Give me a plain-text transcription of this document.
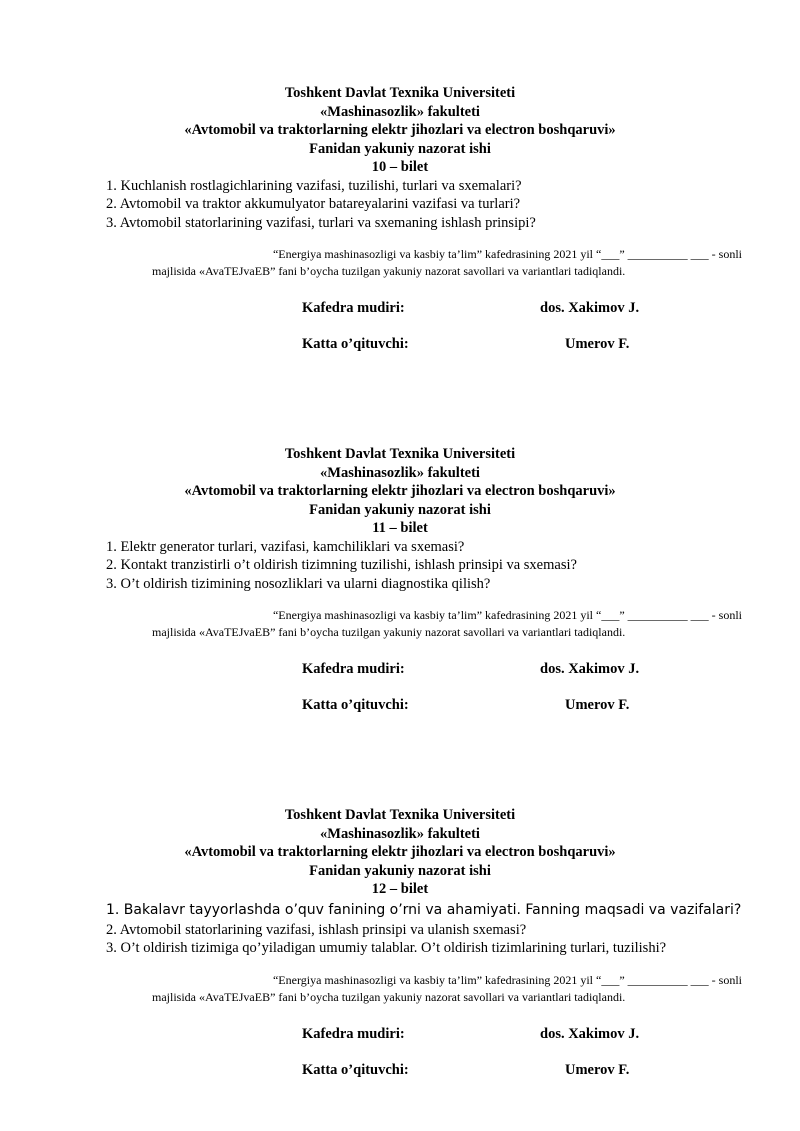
Toshkent Davlat Texnika Universiteti
«Mashinasozlik» fakulteti
«Avtomobil va traktorlarning elektr jihozlari va electron boshqaruvi»
Fanidan yakuniy nazorat ishi
10 – bilet
1. Kuchlanish rostlagichlarining vazifasi, tuzilishi, turlari va sxemalari?
2. Avtomobil va traktor akkumulyator batareyalarini vazifasi va turlari?
3. Avtomobil statorlarining vazifasi, turlari va sxemaning ishlash prinsipi?
“Energiya mashinasozligi va kasbiy ta’lim” kafedrasining 2021 yil “___” __________ ___ - sonli
majlisida «AvaTEJvaEB” fani b’oycha tuzilgan yakuniy nazorat savollari va variantlari tadiqlandi.
Kafedra mudiri:	dos. Xakimov J.
Katta o’qituvchi:	Umerov F.
Toshkent Davlat Texnika Universiteti
«Mashinasozlik» fakulteti
«Avtomobil va traktorlarning elektr jihozlari va electron boshqaruvi»
Fanidan yakuniy nazorat ishi
11 – bilet
1. Elektr generator turlari, vazifasi, kamchiliklari va sxemasi?
2. Kontakt tranzistirli o’t oldirish tizimning tuzilishi, ishlash prinsipi va sxemasi?
3. O’t oldirish tizimining nosozliklari va ularni diagnostika qilish?
“Energiya mashinasozligi va kasbiy ta’lim” kafedrasining 2021 yil “___” __________ ___ - sonli
majlisida «AvaTEJvaEB” fani b’oycha tuzilgan yakuniy nazorat savollari va variantlari tadiqlandi.
Kafedra mudiri:	dos. Xakimov J.
Katta o’qituvchi:	Umerov F.
Toshkent Davlat Texnika Universiteti
«Mashinasozlik» fakulteti
«Avtomobil va traktorlarning elektr jihozlari va electron boshqaruvi»
Fanidan yakuniy nazorat ishi
12 – bilet
1. Bakalavr tayyorlashda o’quv fanining o’rni va ahamiyati. Fanning maqsadi va vazifalari?
2. Avtomobil statorlarining vazifasi, ishlash prinsipi va ulanish sxemasi?
3. O’t oldirish tizimiga qo’yiladigan umumiy talablar. O’t oldirish tizimlarining turlari, tuzilishi?
“Energiya mashinasozligi va kasbiy ta’lim” kafedrasining 2021 yil “___” __________ ___ - sonli
majlisida «AvaTEJvaEB” fani b’oycha tuzilgan yakuniy nazorat savollari va variantlari tadiqlandi.
Kafedra mudiri:	dos. Xakimov J.
Katta o’qituvchi:	Umerov F.
